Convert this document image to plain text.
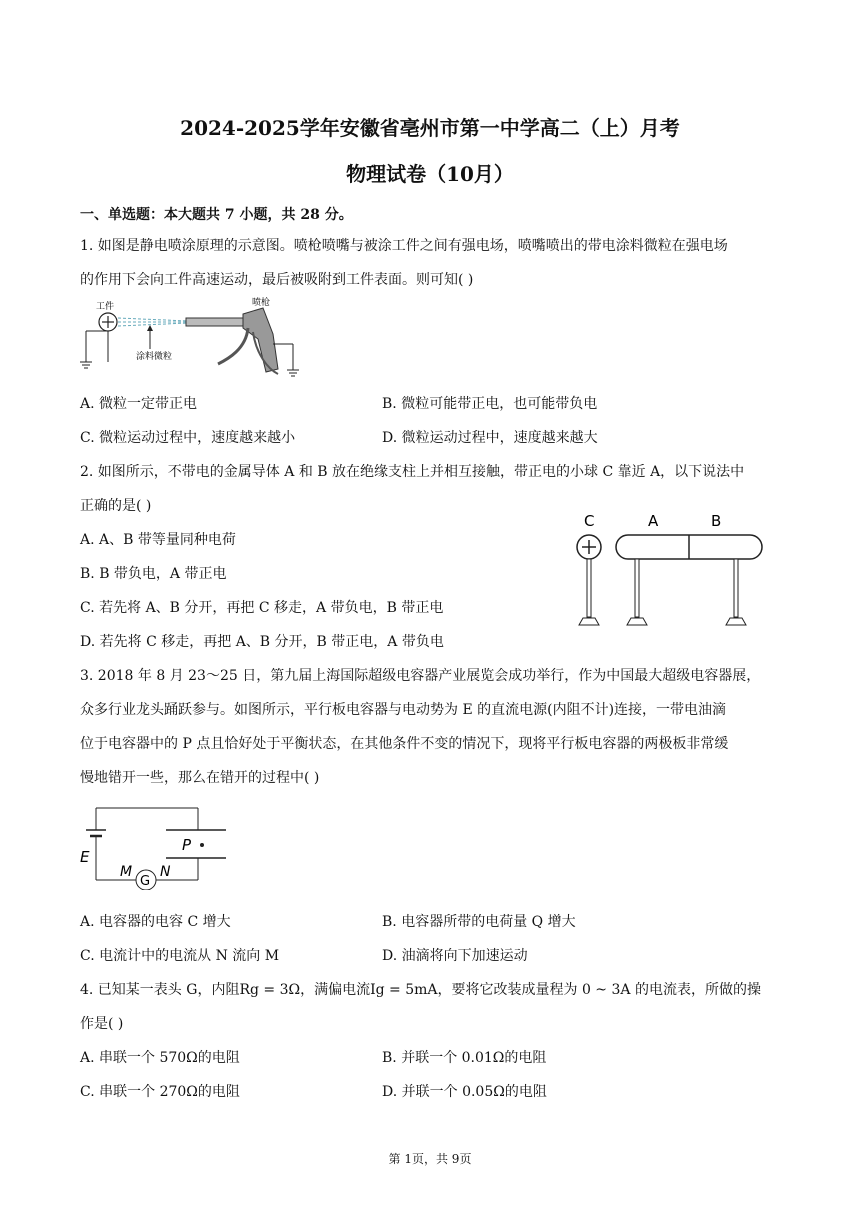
2024-2025学年安徽省亳州市第一中学高二（上）月考
物理试卷（10月）
一、单选题：本大题共 7 小题，共 28 分。
1. 如图是静电喷涂原理的示意图。喷枪喷嘴与被涂工件之间有强电场，喷嘴喷出的带电涂料微粒在强电场
的作用下会向工件高速运动，最后被吸附到工件表面。则可知( )
工件
涂料微粒
喷枪
A. 微粒一定带正电	B. 微粒可能带正电，也可能带负电
C. 微粒运动过程中，速度越来越小	D. 微粒运动过程中，速度越来越大
2. 如图所示，不带电的金属导体 A 和 B 放在绝缘支柱上并相互接触，带正电的小球 C 靠近 A，以下说法中
正确的是( )
C	A	B
A. A、B 带等量同种电荷
B. B 带负电，A 带正电
C. 若先将 A、B 分开，再把 C 移走，A 带负电，B 带正电
D. 若先将 C 移走，再把 A、B 分开，B 带正电，A 带负电
3. 2018 年 8 月 23～25 日，第九届上海国际超级电容器产业展览会成功举行，作为中国最大超级电容器展，
众多行业龙头踊跃参与。如图所示，平行板电容器与电动势为 E 的直流电源(内阻不计)连接，一带电油滴
位于电容器中的 P 点且恰好处于平衡状态，在其他条件不变的情况下，现将平行板电容器的两极板非常缓
慢地错开一些，那么在错开的过程中( )
E
G
M N
P
A. 电容器的电容 C 增大	B. 电容器所带的电荷量 Q 增大
C. 电流计中的电流从 N 流向 M	D. 油滴将向下加速运动
4. 已知某一表头 G，内阻Rg = 3Ω，满偏电流Ig = 5mA，要将它改装成量程为 0 ~ 3A 的电流表，所做的操
作是( )
A. 串联一个 570Ω的电阻	B. 并联一个 0.01Ω的电阻
C. 串联一个 270Ω的电阻	D. 并联一个 0.05Ω的电阻
第 1页，共 9页
